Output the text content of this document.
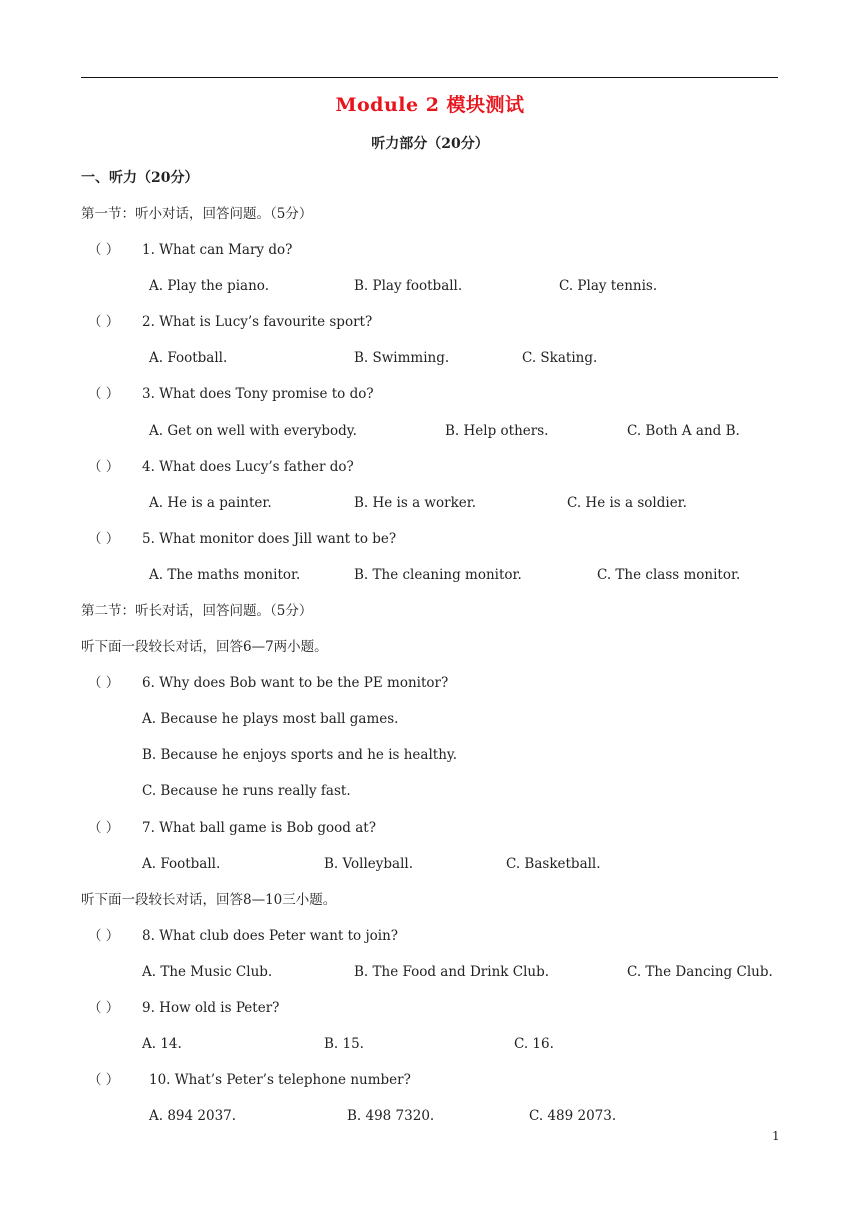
Module 2 模块测试
听力部分（20分）
一、听力（20分）
第一节：听小对话，回答问题。（5分）
（ ） 1. What can Mary do?
A. Play the piano.	B. Play football.	C. Play tennis.
（ ） 2. What is Lucy’s favourite sport?
A. Football.	B. Swimming.	C. Skating.
（ ） 3. What does Tony promise to do?
A. Get on well with everybody.	B. Help others.	C. Both A and B.
（ ） 4. What does Lucy’s father do?
A. He is a painter.	B. He is a worker.	C. He is a soldier.
（ ） 5. What monitor does Jill want to be?
A. The maths monitor.	B. The cleaning monitor.	C. The class monitor.
第二节：听长对话，回答问题。（5分）
听下面一段较长对话，回答6—7两小题。
（ ） 6. Why does Bob want to be the PE monitor?
A. Because he plays most ball games.
B. Because he enjoys sports and he is healthy.
C. Because he runs really fast.
（ ） 7. What ball game is Bob good at?
A. Football.	B. Volleyball.	C. Basketball.
听下面一段较长对话，回答8—10三小题。
（ ） 8. What club does Peter want to join?
A. The Music Club.	B. The Food and Drink Club.	C. The Dancing Club.
（ ） 9. How old is Peter?
A. 14.	B. 15.	C. 16.
（ ） 10. What’s Peter’s telephone number?
A. 894 2037.	B. 498 7320.	C. 489 2073.
1
